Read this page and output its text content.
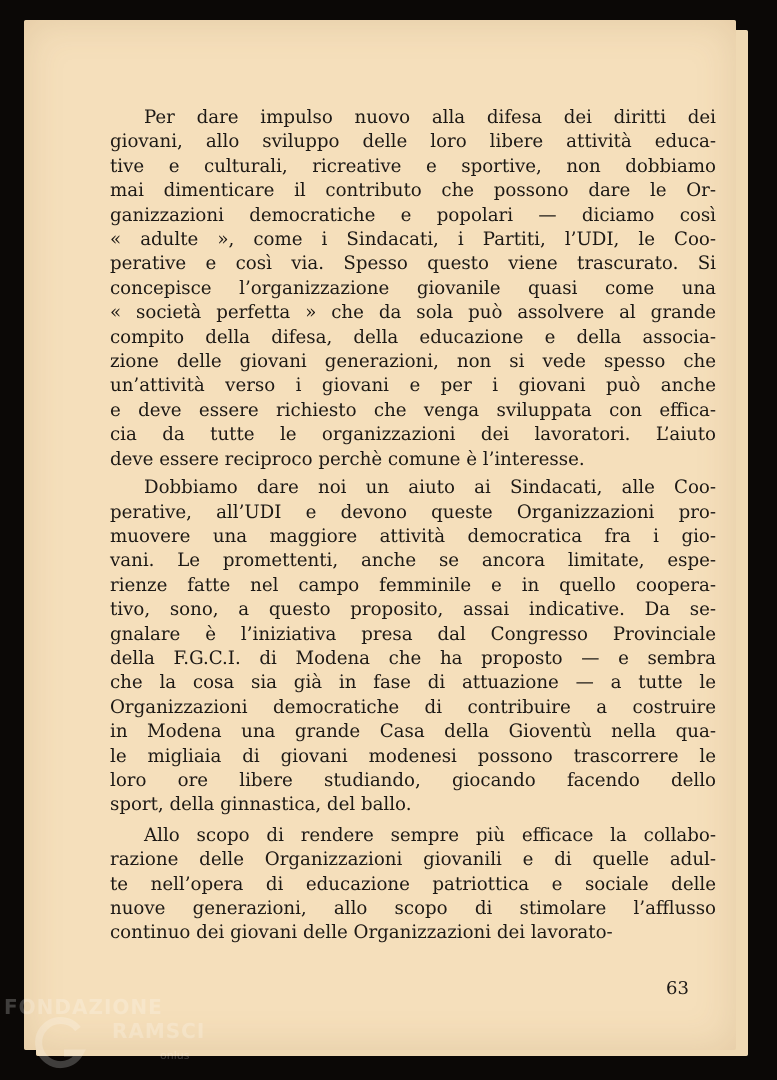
Per dare impulso nuovo alla difesa dei diritti dei
giovani, allo sviluppo delle loro libere attività educa-
tive e culturali, ricreative e sportive, non dobbiamo
mai dimenticare il contributo che possono dare le Or-
ganizzazioni democratiche e popolari — diciamo così
« adulte », come i Sindacati, i Partiti, l’UDI, le Coo-
perative e così via. Spesso questo viene trascurato. Si
concepisce l’organizzazione giovanile quasi come una
« società perfetta » che da sola può assolvere al grande
compito della difesa, della educazione e della associa-
zione delle giovani generazioni, non si vede spesso che
un’attività verso i giovani e per i giovani può anche
e deve essere richiesto che venga sviluppata con effica-
cia da tutte le organizzazioni dei lavoratori. L’aiuto
deve essere reciproco perchè comune è l’interesse.

Dobbiamo dare noi un aiuto ai Sindacati, alle Coo-
perative, all’UDI e devono queste Organizzazioni pro-
muovere una maggiore attività democratica fra i gio-
vani. Le promettenti, anche se ancora limitate, espe-
rienze fatte nel campo femminile e in quello coopera-
tivo, sono, a questo proposito, assai indicative. Da se-
gnalare è l’iniziativa presa dal Congresso Provinciale
della F.G.C.I. di Modena che ha proposto — e sembra
che la cosa sia già in fase di attuazione — a tutte le
Organizzazioni democratiche di contribuire a costruire
in Modena una grande Casa della Gioventù nella qua-
le migliaia di giovani modenesi possono trascorrere le
loro ore libere studiando, giocando facendo dello
sport, della ginnastica, del ballo.

Allo scopo di rendere sempre più efficace la collabo-
razione delle Organizzazioni giovanili e di quelle adul-
te nell’opera di educazione patriottica e sociale delle
nuove generazioni, allo scopo di stimolare l’afflusso
continuo dei giovani delle Organizzazioni dei lavorato-

63
FONDAZIONE
RAMSCI
onlus
